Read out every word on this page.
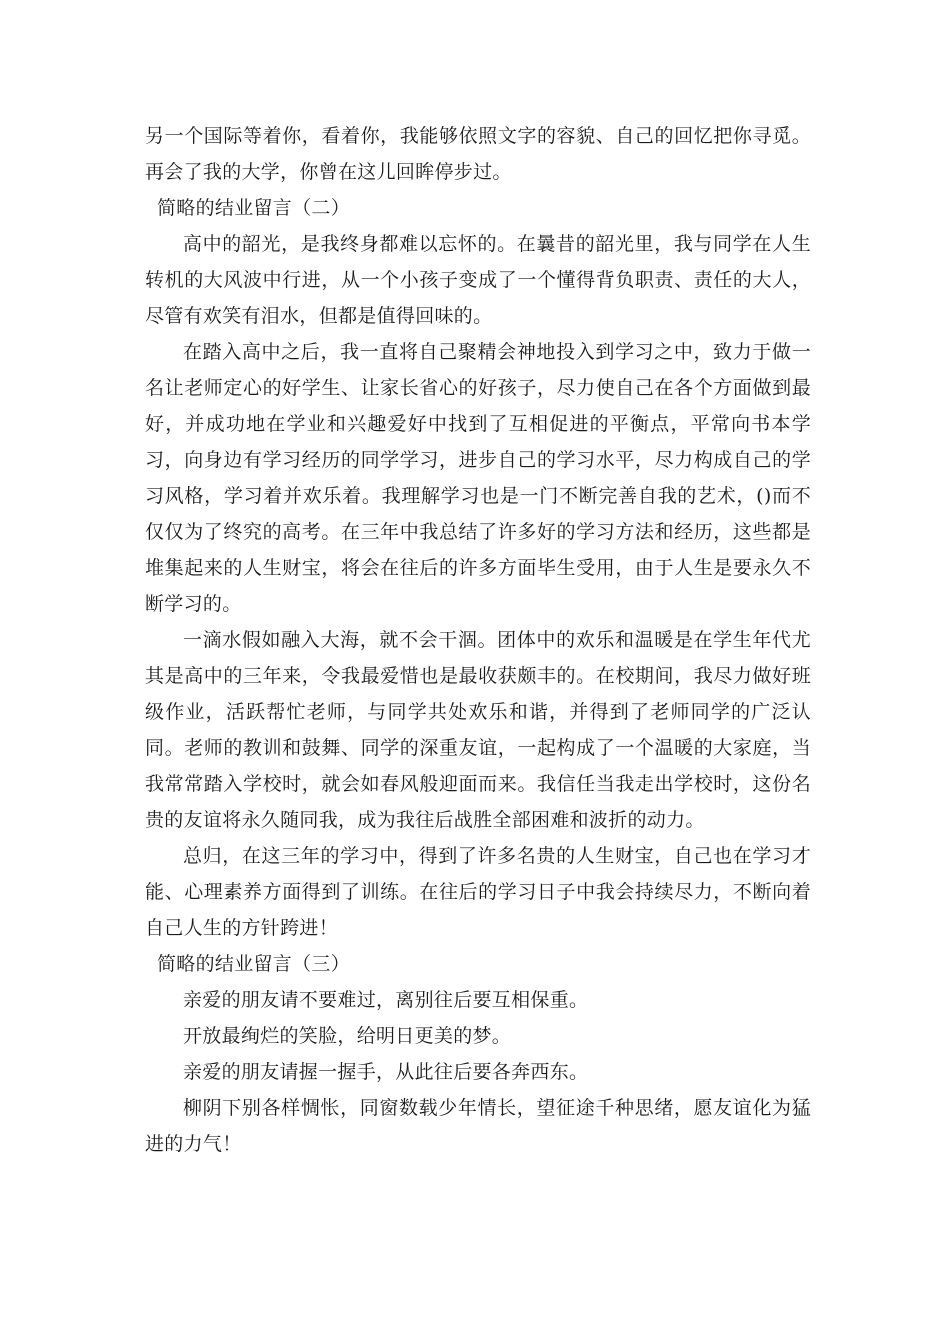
另一个国际等着你，看着你，我能够依照文字的容貌、自己的回忆把你寻觅。再会了我的大学，你曾在这儿回眸停步过。

简略的结业留言（二）

高中的韶光，是我终身都难以忘怀的。在曩昔的韶光里，我与同学在人生转机的大风波中行进，从一个小孩子变成了一个懂得背负职责、责任的大人，尽管有欢笑有泪水，但都是值得回味的。

在踏入高中之后，我一直将自己聚精会神地投入到学习之中，致力于做一名让老师定心的好学生、让家长省心的好孩子，尽力使自己在各个方面做到最好，并成功地在学业和兴趣爱好中找到了互相促进的平衡点，平常向书本学习，向身边有学习经历的同学学习，进步自己的学习水平，尽力构成自己的学习风格，学习着并欢乐着。我理解学习也是一门不断完善自我的艺术，()而不仅仅为了终究的高考。在三年中我总结了许多好的学习方法和经历，这些都是堆集起来的人生财宝，将会在往后的许多方面毕生受用，由于人生是要永久不断学习的。

一滴水假如融入大海，就不会干涸。团体中的欢乐和温暖是在学生年代尤其是高中的三年来，令我最爱惜也是最收获颇丰的。在校期间，我尽力做好班级作业，活跃帮忙老师，与同学共处欢乐和谐，并得到了老师同学的广泛认同。老师的教训和鼓舞、同学的深重友谊，一起构成了一个温暖的大家庭，当我常常踏入学校时，就会如春风般迎面而来。我信任当我走出学校时，这份名贵的友谊将永久随同我，成为我往后战胜全部困难和波折的动力。

总归，在这三年的学习中，得到了许多名贵的人生财宝，自己也在学习才能、心理素养方面得到了训练。在往后的学习日子中我会持续尽力，不断向着自己人生的方针跨进！

简略的结业留言（三）

亲爱的朋友请不要难过，离别往后要互相保重。

开放最绚烂的笑脸，给明日更美的梦。

亲爱的朋友请握一握手，从此往后要各奔西东。

柳阴下别各样惆怅，同窗数载少年情长，望征途千种思绪，愿友谊化为猛进的力气！
